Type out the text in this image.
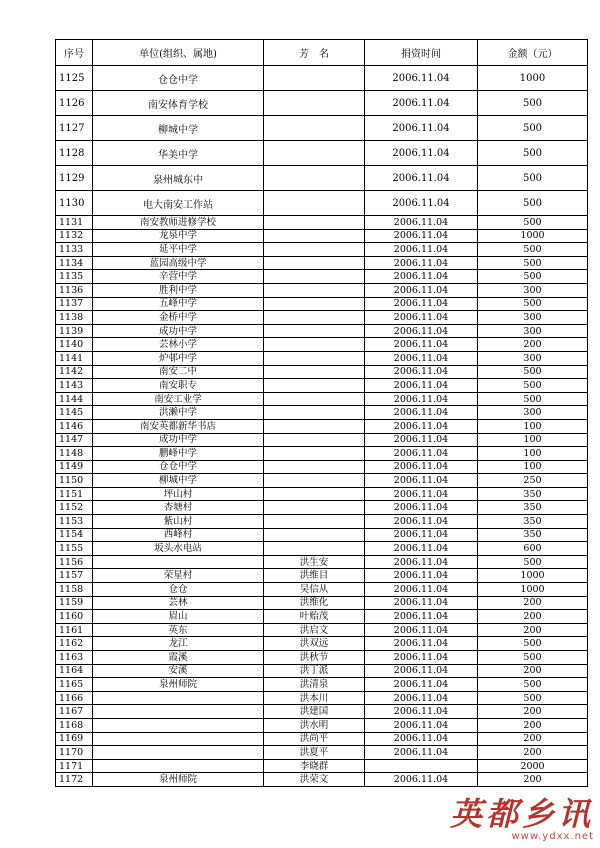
序号	单位(组织、属地)	芳　名	捐资时间	金额（元）
1125	仓仓中学		2006.11.04	1000
1126	南安体育学校		2006.11.04	500
1127	柳城中学		2006.11.04	500
1128	华美中学		2006.11.04	500
1129	泉州城东中		2006.11.04	500
1130	电大南安工作站		2006.11.04	500
1131	南安教师进修学校		2006.11.04	500
1132	龙泉中学		2006.11.04	1000
1133	延平中学		2006.11.04	500
1134	蓝园高级中学		2006.11.04	500
1135	辛营中学		2006.11.04	500
1136	胜利中学		2006.11.04	300
1137	五峰中学		2006.11.04	500
1138	金桥中学		2006.11.04	300
1139	成功中学		2006.11.04	300
1140	芸林小学		2006.11.04	200
1141	炉邨中学		2006.11.04	300
1142	南安二中		2006.11.04	500
1143	南安职专		2006.11.04	500
1144	南安工业学		2006.11.04	500
1145	洪濑中学		2006.11.04	300
1146	南安英都新华书店		2006.11.04	100
1147	成功中学		2006.11.04	100
1148	鹏峰中学		2006.11.04	100
1149	仓仓中学		2006.11.04	100
1150	柳城中学		2006.11.04	250
1151	坪山村		2006.11.04	350
1152	杏塘村		2006.11.04	350
1153	紫山村		2006.11.04	350
1154	西峰村		2006.11.04	350
1155	坂头水电站		2006.11.04	600
1156		洪生安	2006.11.04	500
1157	荣星村	洪维目	2006.11.04	1000
1158	仓仓	吴信从	2006.11.04	1000
1159	芸林	洪维化	2006.11.04	200
1160	眉山	叶贻茂	2006.11.04	200
1161	英东	洪启文	2006.11.04	200
1162	龙江	洪双远	2006.11.04	500
1163	霞溪	洪秋节	2006.11.04	500
1164	安溪	洪丁派	2006.11.04	200
1165	泉州师院	洪清泉	2006.11.04	500
1166		洪本川	2006.11.04	500
1167		洪建国	2006.11.04	200
1168		洪水明	2006.11.04	200
1169		洪尚平	2006.11.04	200
1170		洪夏平	2006.11.04	200
1171		李晓群		2000
1172	泉州师院	洪荣文	2006.11.04	200
英都乡讯
www.ydxx.net
